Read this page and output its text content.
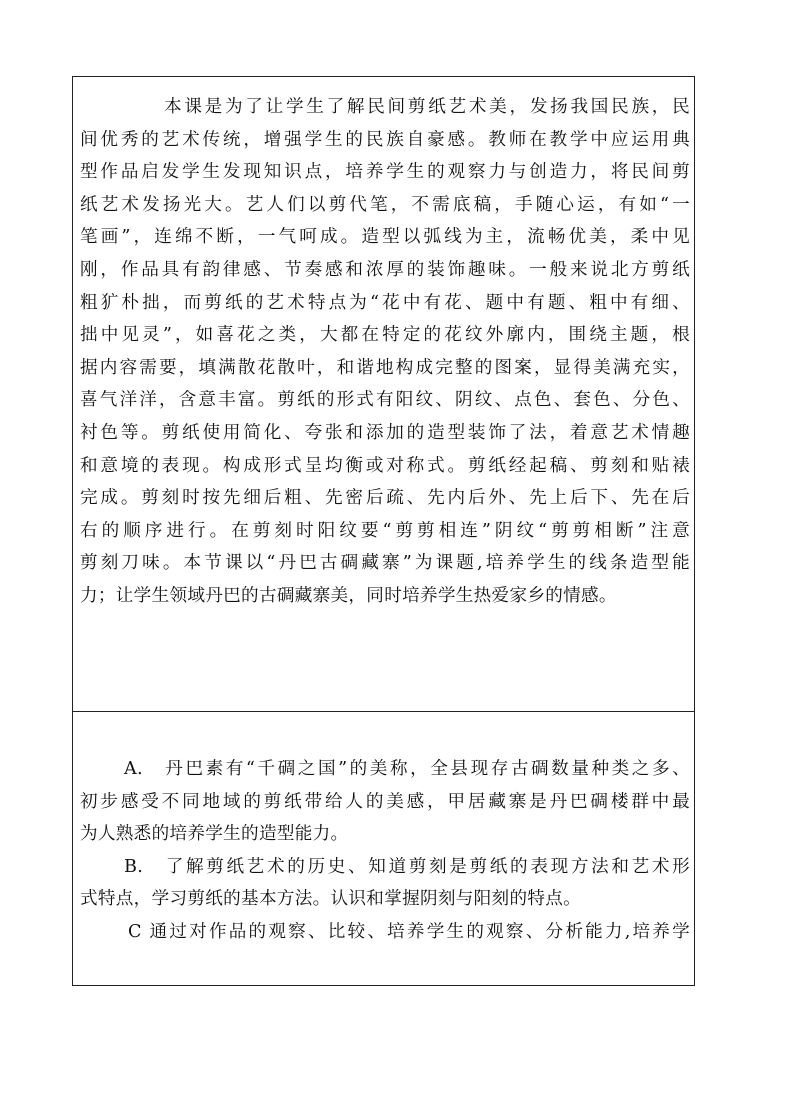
本课是为了让学生了解民间剪纸艺术美，发扬我国民族，民
间优秀的艺术传统，增强学生的民族自豪感。教师在教学中应运用典
型作品启发学生发现知识点，培养学生的观察力与创造力，将民间剪
纸艺术发扬光大。艺人们以剪代笔，不需底稿，手随心运，有如“一
笔画”，连绵不断，一气呵成。造型以弧线为主，流畅优美，柔中见
刚，作品具有韵律感、节奏感和浓厚的装饰趣味。一般来说北方剪纸
粗犷朴拙，而剪纸的艺术特点为“花中有花、题中有题、粗中有细、
拙中见灵”，如喜花之类，大都在特定的花纹外廓内，围绕主题，根
据内容需要，填满散花散叶，和谐地构成完整的图案，显得美满充实，
喜气洋洋，含意丰富。剪纸的形式有阳纹、阴纹、点色、套色、分色、
衬色等。剪纸使用简化、夸张和添加的造型装饰了法，着意艺术情趣
和意境的表现。构成形式呈均衡或对称式。剪纸经起稿、剪刻和贴裱
完成。剪刻时按先细后粗、先密后疏、先内后外、先上后下、先在后
右的顺序进行。在剪刻时阳纹要“剪剪相连”阴纹“剪剪相断”注意
剪刻刀味。本节课以“丹巴古碉藏寨”为课题,培养学生的线条造型能
力；让学生领域丹巴的古碉藏寨美，同时培养学生热爱家乡的情感。
A.　丹巴素有“千碉之国”的美称，全县现存古碉数量种类之多、
初步感受不同地域的剪纸带给人的美感，甲居藏寨是丹巴碉楼群中最
为人熟悉的培养学生的造型能力。
B.　了解剪纸艺术的历史、知道剪刻是剪纸的表现方法和艺术形
式特点，学习剪纸的基本方法。认识和掌握阴刻与阳刻的特点。
C 通过对作品的观察、比较、培养学生的观察、分析能力,培养学
